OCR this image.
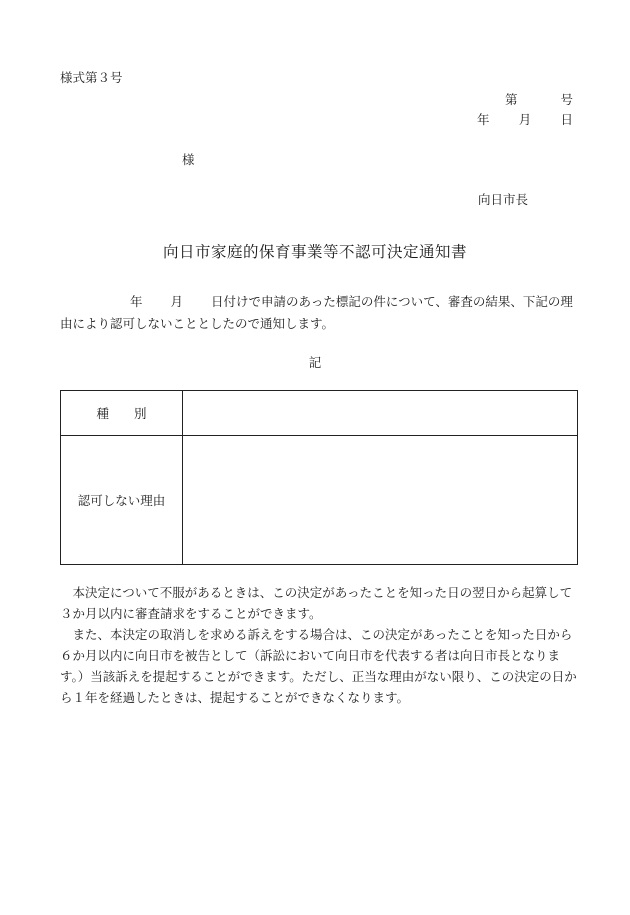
様式第３号
第	号
年 月 日
様
向日市長
向日市家庭的保育事業等不認可決定通知書
年 月 日付けで申請のあった標記の件について、審査の結果、下記の理由により認可しないこととしたので通知します。
記
種　　別	
認可しない理由	

本決定について不服があるときは、この決定があったことを知った日の翌日から起算して３か月以内に審査請求をすることができます。

また、本決定の取消しを求める訴えをする場合は、この決定があったことを知った日から６か月以内に向日市を被告として（訴訟において向日市を代表する者は向日市長となります。）当該訴えを提起することができます。ただし、正当な理由がない限り、この決定の日から１年を経過したときは、提起することができなくなります。
